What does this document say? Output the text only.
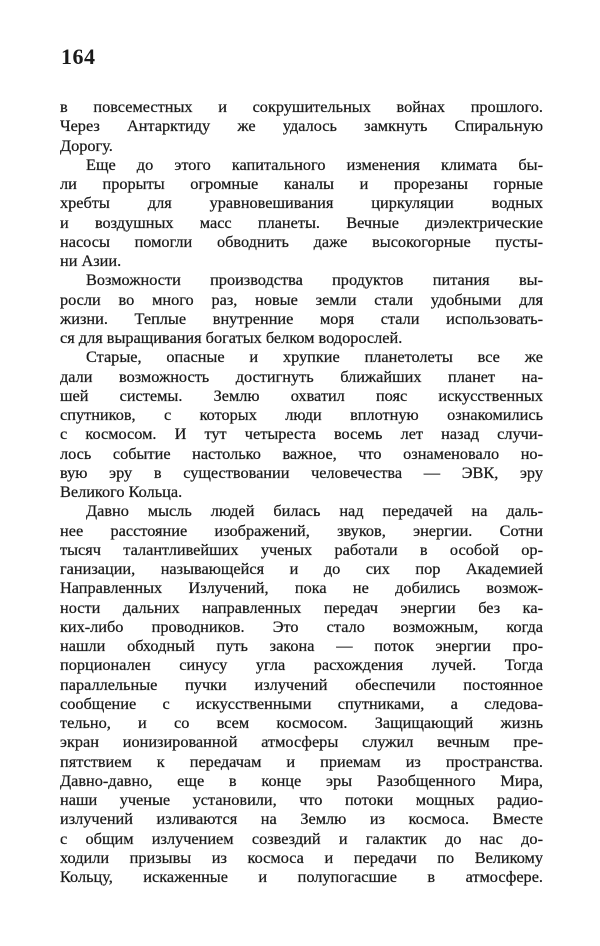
164
в повсеместных и сокрушительных войнах прошлого.
Через Антарктиду же удалось замкнуть Спиральную
Дорогу.
Еще до этого капитального изменения климата бы-
ли прорыты огромные каналы и прорезаны горные
хребты для уравновешивания циркуляции водных
и воздушных масс планеты. Вечные диэлектрические
насосы помогли обводнить даже высокогорные пусты-
ни Азии.
Возможности производства продуктов питания вы-
росли во много раз, новые земли стали удобными для
жизни. Теплые внутренние моря стали использовать-
ся для выращивания богатых белком водорослей.
Старые, опасные и хрупкие планетолеты все же
дали возможность достигнуть ближайших планет на-
шей системы. Землю охватил пояс искусственных
спутников, с которых люди вплотную ознакомились
с космосом. И тут четыреста восемь лет назад случи-
лось событие настолько важное, что ознаменовало но-
вую эру в существовании человечества — ЭВК, эру
Великого Кольца.
Давно мысль людей билась над передачей на даль-
нее расстояние изображений, звуков, энергии. Сотни
тысяч талантливейших ученых работали в особой ор-
ганизации, называющейся и до сих пор Академией
Направленных Излучений, пока не добились возмож-
ности дальних направленных передач энергии без ка-
ких-либо проводников. Это стало возможным, когда
нашли обходный путь закона — поток энергии про-
порционален синусу угла расхождения лучей. Тогда
параллельные пучки излучений обеспечили постоянное
сообщение с искусственными спутниками, а следова-
тельно, и со всем космосом. Защищающий жизнь
экран ионизированной атмосферы служил вечным пре-
пятствием к передачам и приемам из пространства.
Давно-давно, еще в конце эры Разобщенного Мира,
наши ученые установили, что потоки мощных радио-
излучений изливаются на Землю из космоса. Вместе
с общим излучением созвездий и галактик до нас до-
ходили призывы из космоса и передачи по Великому
Кольцу, искаженные и полупогасшие в атмосфере.
